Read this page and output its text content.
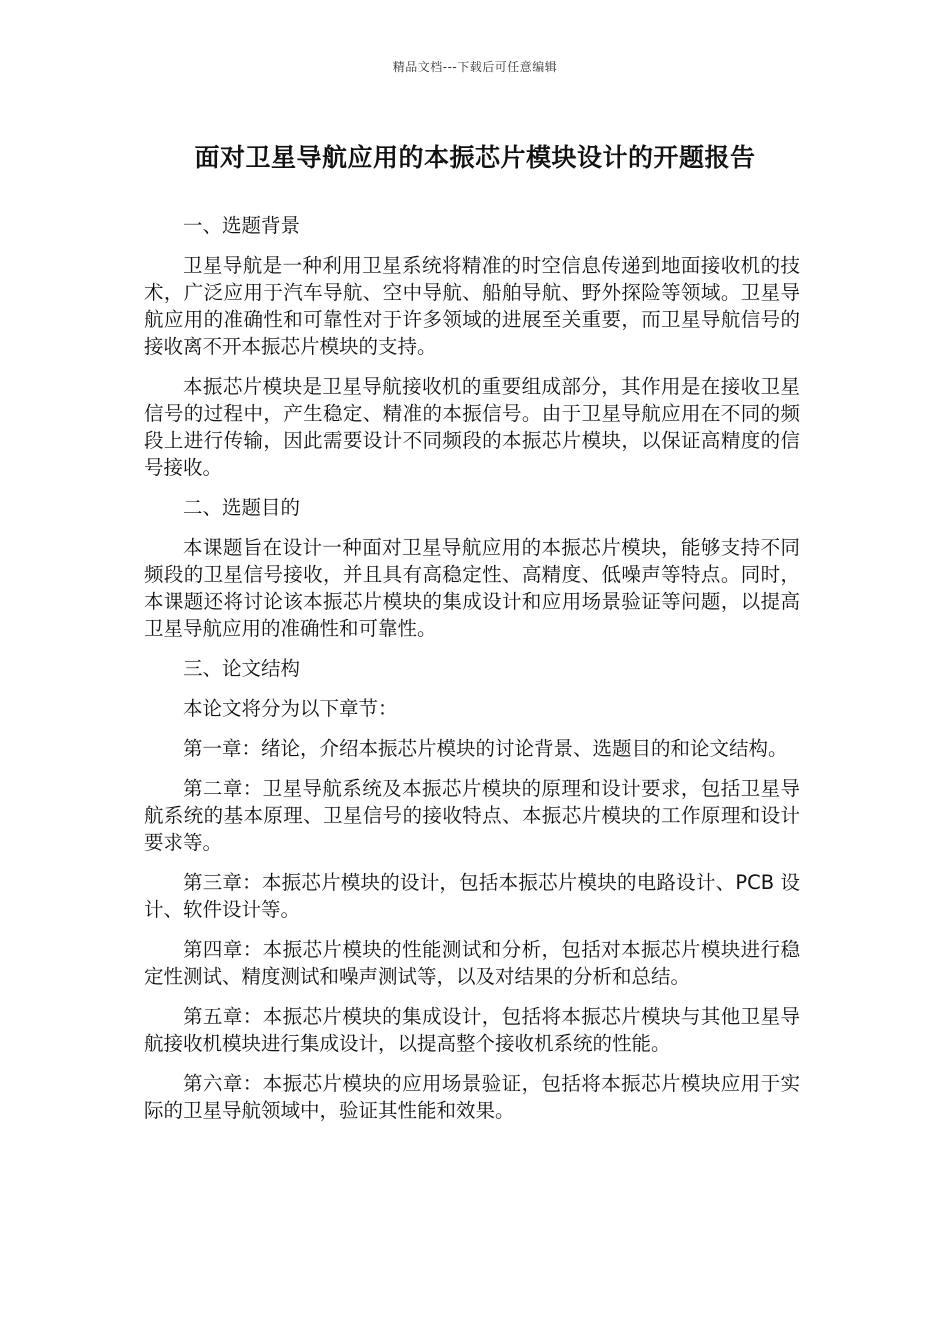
精品文档---下载后可任意编辑
面对卫星导航应用的本振芯片模块设计的开题报告

一、选题背景

卫星导航是一种利用卫星系统将精准的时空信息传递到地面接收机的技术，广泛应用于汽车导航、空中导航、船舶导航、野外探险等领域。卫星导航应用的准确性和可靠性对于许多领域的进展至关重要，而卫星导航信号的接收离不开本振芯片模块的支持。

本振芯片模块是卫星导航接收机的重要组成部分，其作用是在接收卫星信号的过程中，产生稳定、精准的本振信号。由于卫星导航应用在不同的频段上进行传输，因此需要设计不同频段的本振芯片模块，以保证高精度的信号接收。

二、选题目的

本课题旨在设计一种面对卫星导航应用的本振芯片模块，能够支持不同频段的卫星信号接收，并且具有高稳定性、高精度、低噪声等特点。同时，本课题还将讨论该本振芯片模块的集成设计和应用场景验证等问题，以提高卫星导航应用的准确性和可靠性。

三、论文结构

本论文将分为以下章节：

第一章：绪论，介绍本振芯片模块的讨论背景、选题目的和论文结构。

第二章：卫星导航系统及本振芯片模块的原理和设计要求，包括卫星导航系统的基本原理、卫星信号的接收特点、本振芯片模块的工作原理和设计要求等。

第三章：本振芯片模块的设计，包括本振芯片模块的电路设计、PCB 设计、软件设计等。

第四章：本振芯片模块的性能测试和分析，包括对本振芯片模块进行稳定性测试、精度测试和噪声测试等，以及对结果的分析和总结。

第五章：本振芯片模块的集成设计，包括将本振芯片模块与其他卫星导航接收机模块进行集成设计，以提高整个接收机系统的性能。

第六章：本振芯片模块的应用场景验证，包括将本振芯片模块应用于实际的卫星导航领域中，验证其性能和效果。
